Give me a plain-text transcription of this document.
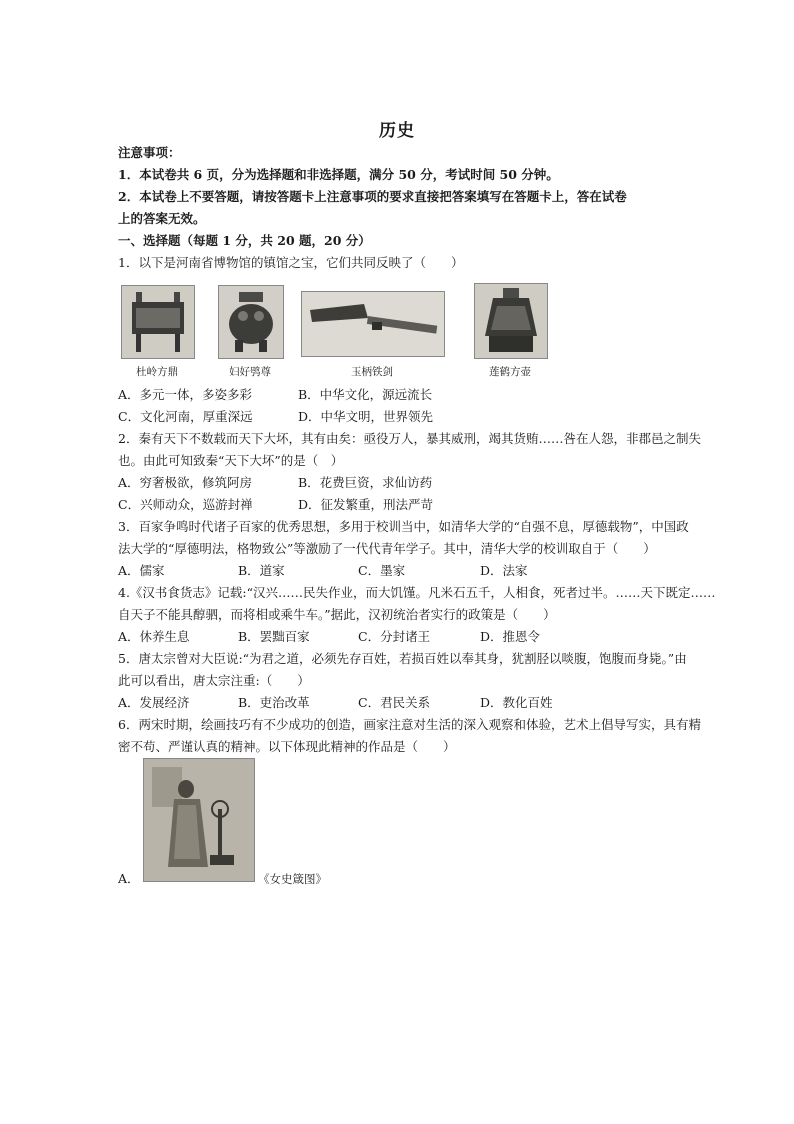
历史
注意事项：
1．本试卷共 6 页，分为选择题和非选择题，满分 50 分，考试时间 50 分钟。
2．本试卷上不要答题，请按答题卡上注意事项的要求直接把答案填写在答题卡上，答在试卷
上的答案无效。
一、选择题（每题 1 分，共 20 题，20 分）
1．以下是河南省博物馆的镇馆之宝，它们共同反映了（　　）
杜岭方鼎	妇好鸮尊	玉柄铁剑	莲鹤方壶
A．多元一体，多姿多彩	B．中华文化，源远流长
C．文化河南，厚重深远	D．中华文明，世界领先
2．秦有天下不数载而天下大坏，其有由矣：亟役万人，暴其威刑，竭其货贿……咎在人怨，非郡邑之制失
也。由此可知致秦“天下大坏”的是（　）
A．穷奢极欲，修筑阿房	B．花费巨资，求仙访药
C．兴师动众，巡游封禅	D．征发繁重，刑法严苛
3．百家争鸣时代诸子百家的优秀思想，多用于校训当中，如清华大学的“自强不息，厚德载物”，中国政
法大学的“厚德明法，格物致公”等激励了一代代青年学子。其中，清华大学的校训取自于（　　）
A．儒家	B．道家	C．墨家	D．法家
4.《汉书食货志》记载:“汉兴……民失作业，而大饥馑。凡米石五千，人相食，死者过半。……天下既定……
自天子不能具醇驷，而将相或乘牛车。”据此，汉初统治者实行的政策是（　　）
A．休养生息	B．罢黜百家	C．分封诸王	D．推恩令
5．唐太宗曾对大臣说:“为君之道，必须先存百姓，若损百姓以奉其身，犹割胫以啖腹，饱腹而身毙。”由
此可以看出，唐太宗注重:（　　）
A．发展经济	B．吏治改革	C．君民关系	D．教化百姓
6．两宋时期，绘画技巧有不少成功的创造，画家注意对生活的深入观察和体验，艺术上倡导写实，具有精
密不苟、严谨认真的精神。以下体现此精神的作品是（　　）
A．	《女史箴图》
